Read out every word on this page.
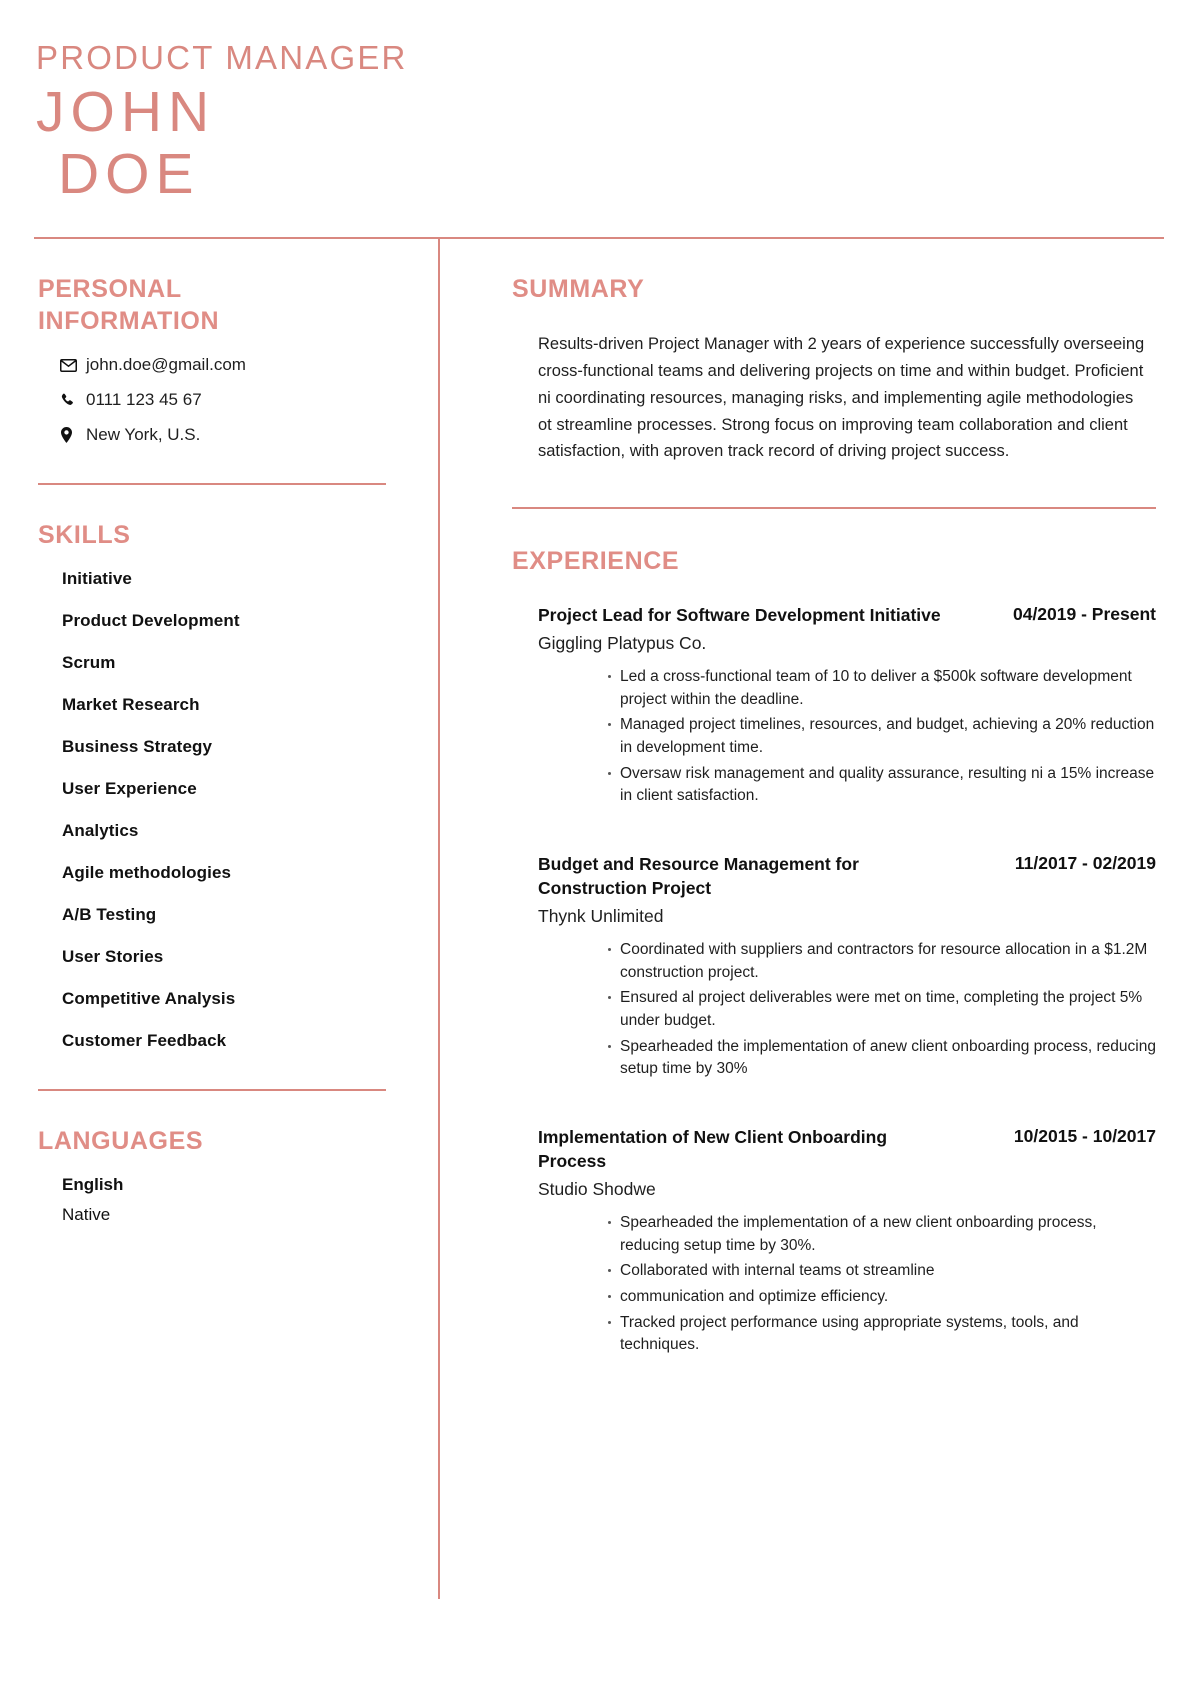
PRODUCT MANAGER
JOHN
DOE
PERSONAL
INFORMATION
john.doe@gmail.com
0111 123 45 67
New York, U.S.
SKILLS
Initiative
Product Development
Scrum
Market Research
Business Strategy
User Experience
Analytics
Agile methodologies
A/B Testing
User Stories
Competitive Analysis
Customer Feedback
LANGUAGES
English
Native
SUMMARY

Results-driven Project Manager with 2 years of experience successfully overseeing cross-functional teams and delivering projects on time and within budget. Proficient ni coordinating resources, managing risks, and implementing agile methodologies ot streamline processes. Strong focus on improving team collaboration and client satisfaction, with aproven track record of driving project success.

EXPERIENCE
Project Lead for Software Development Initiative	04/2019 - Present
Giggling Platypus Co.
Led a cross-functional team of 10 to deliver a $500k software development project within the deadline.
Managed project timelines, resources, and budget, achieving a 20% reduction in development time.
Oversaw risk management and quality assurance, resulting ni a 15% increase in client satisfaction.
Budget and Resource Management for Construction Project
11/2017 - 02/2019
Thynk Unlimited
Coordinated with suppliers and contractors for resource allocation in a $1.2M construction project.
Ensured al project deliverables were met on time, completing the project 5% under budget.
Spearheaded the implementation of anew client onboarding process, reducing setup time by 30%
Implementation of New Client Onboarding Process
10/2015 - 10/2017
Studio Shodwe
Spearheaded the implementation of a new client onboarding process, reducing setup time by 30%.
Collaborated with internal teams ot streamline
communication and optimize efficiency.
Tracked project performance using appropriate systems, tools, and techniques.
